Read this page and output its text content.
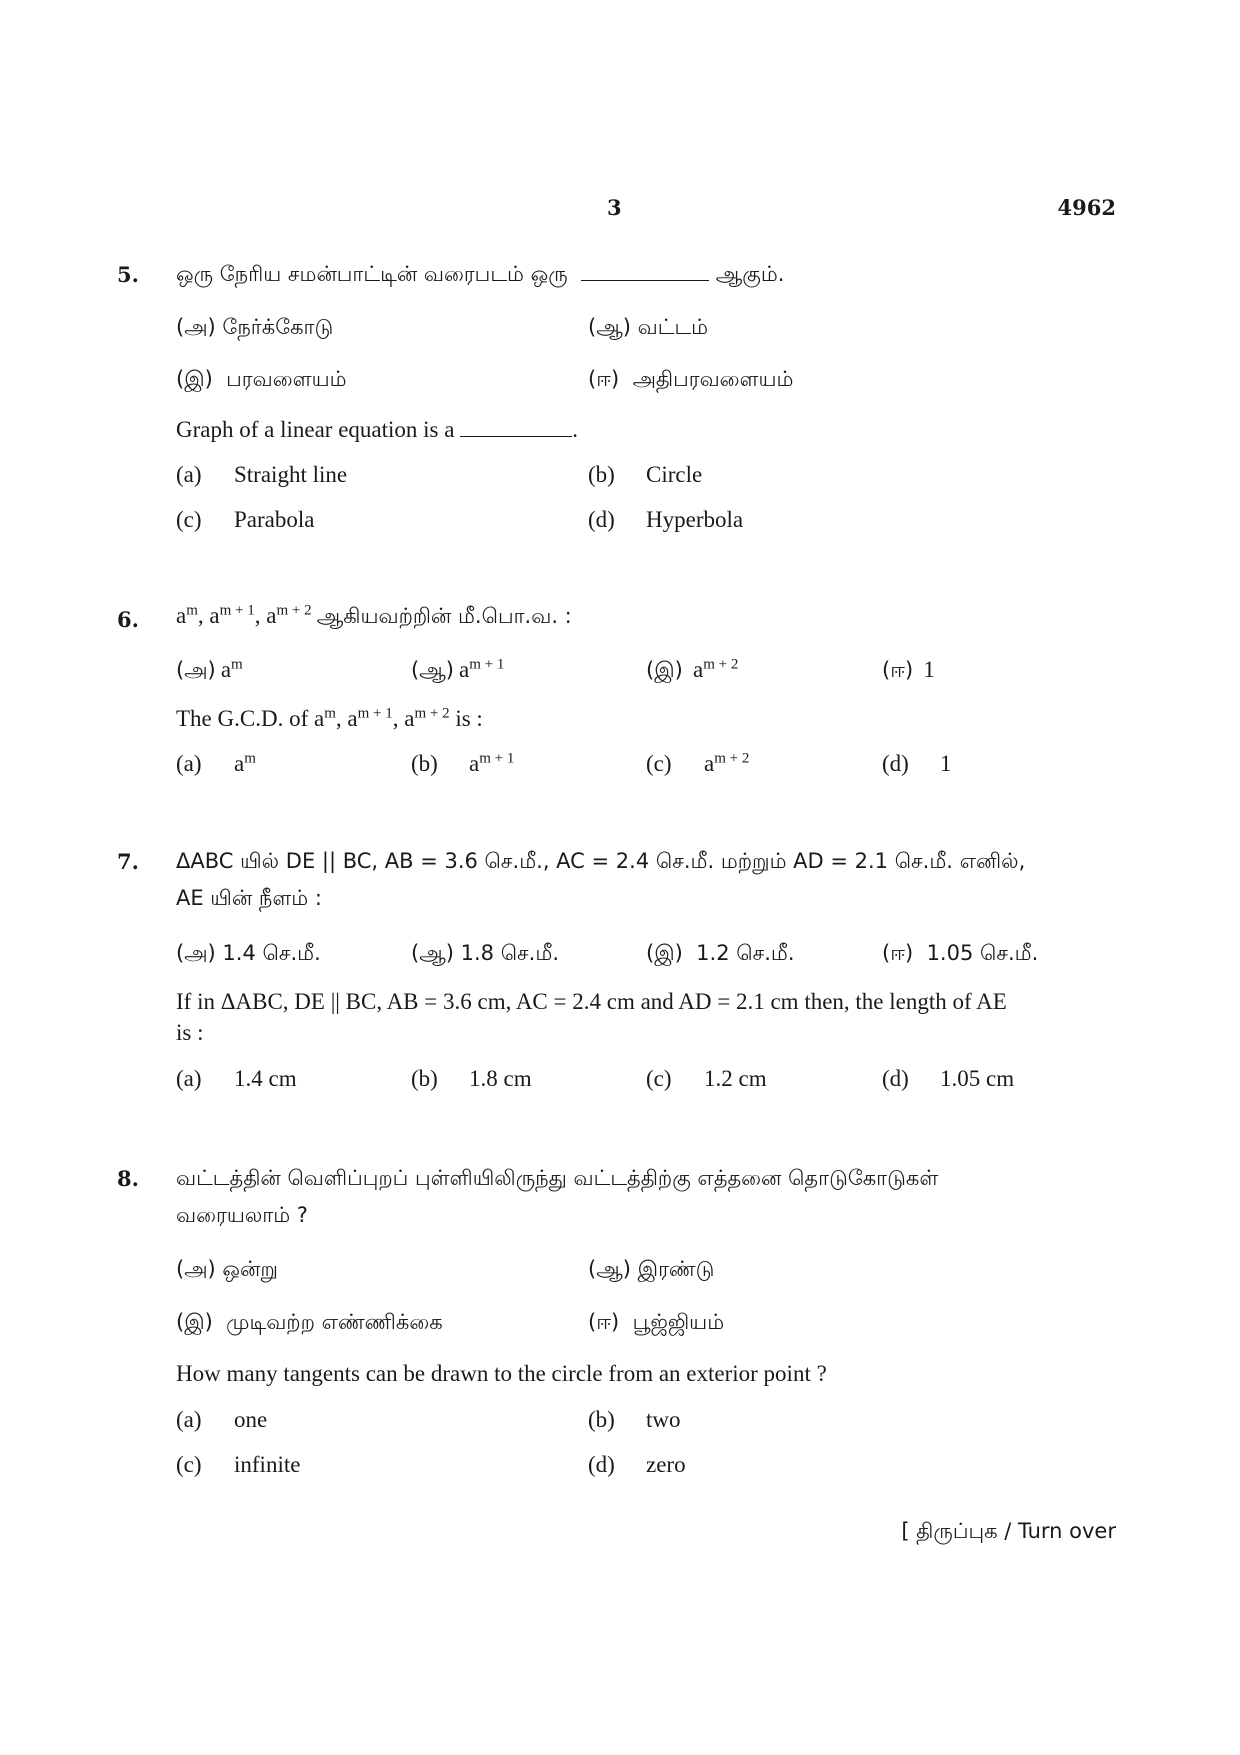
3	4962
5. ஒரு நேரிய சமன்பாட்டின் வரைபடம் ஒரு	ஆகும்.
(அ) நேர்க்கோடு	(ஆ) வட்டம்
(இ) பரவளையம்	(ஈ) அதிபரவளையம்
Graph of a linear equation is a	.
(a) Straight line	(b) Circle
(c) Parabola	(d) Hyperbola
6. $a^m$, $a^{m + 1}$, $a^{m + 2}$ ஆகியவற்றின் மீ.பொ.வ. :
(அ) $a^m$	(ஆ) $a^{m + 1}$	(இ) $a^{m + 2}$	(ஈ) 1
The G.C.D. of $a^m$, $a^{m + 1}$, $a^{m + 2}$ is :
(a) $a^m$	(b) $a^{m + 1}$	(c) $a^{m + 2}$	(d) 1
7. ΔABC யில் DE || BC, AB = 3.6 செ.மீ., AC = 2.4 செ.மீ. மற்றும் AD = 2.1 செ.மீ. எனில்,
AE யின் நீளம் :
(அ) 1.4 செ.மீ.	(ஆ) 1.8 செ.மீ.	(இ) 1.2 செ.மீ.	(ஈ) 1.05 செ.மீ.
If in ΔABC, DE || BC, AB = 3.6 cm, AC = 2.4 cm and AD = 2.1 cm then, the length of AE
is :
(a) 1.4 cm	(b) 1.8 cm	(c) 1.2 cm	(d) 1.05 cm
8. வட்டத்தின் வெளிப்புறப் புள்ளியிலிருந்து வட்டத்திற்கு எத்தனை தொடுகோடுகள்
வரையலாம் ?
(அ) ஒன்று	(ஆ) இரண்டு
(இ) முடிவற்ற எண்ணிக்கை	(ஈ) பூஜ்ஜியம்
How many tangents can be drawn to the circle from an exterior point ?
(a) one	(b) two
(c) infinite	(d) zero
[ திருப்புக / Turn over
